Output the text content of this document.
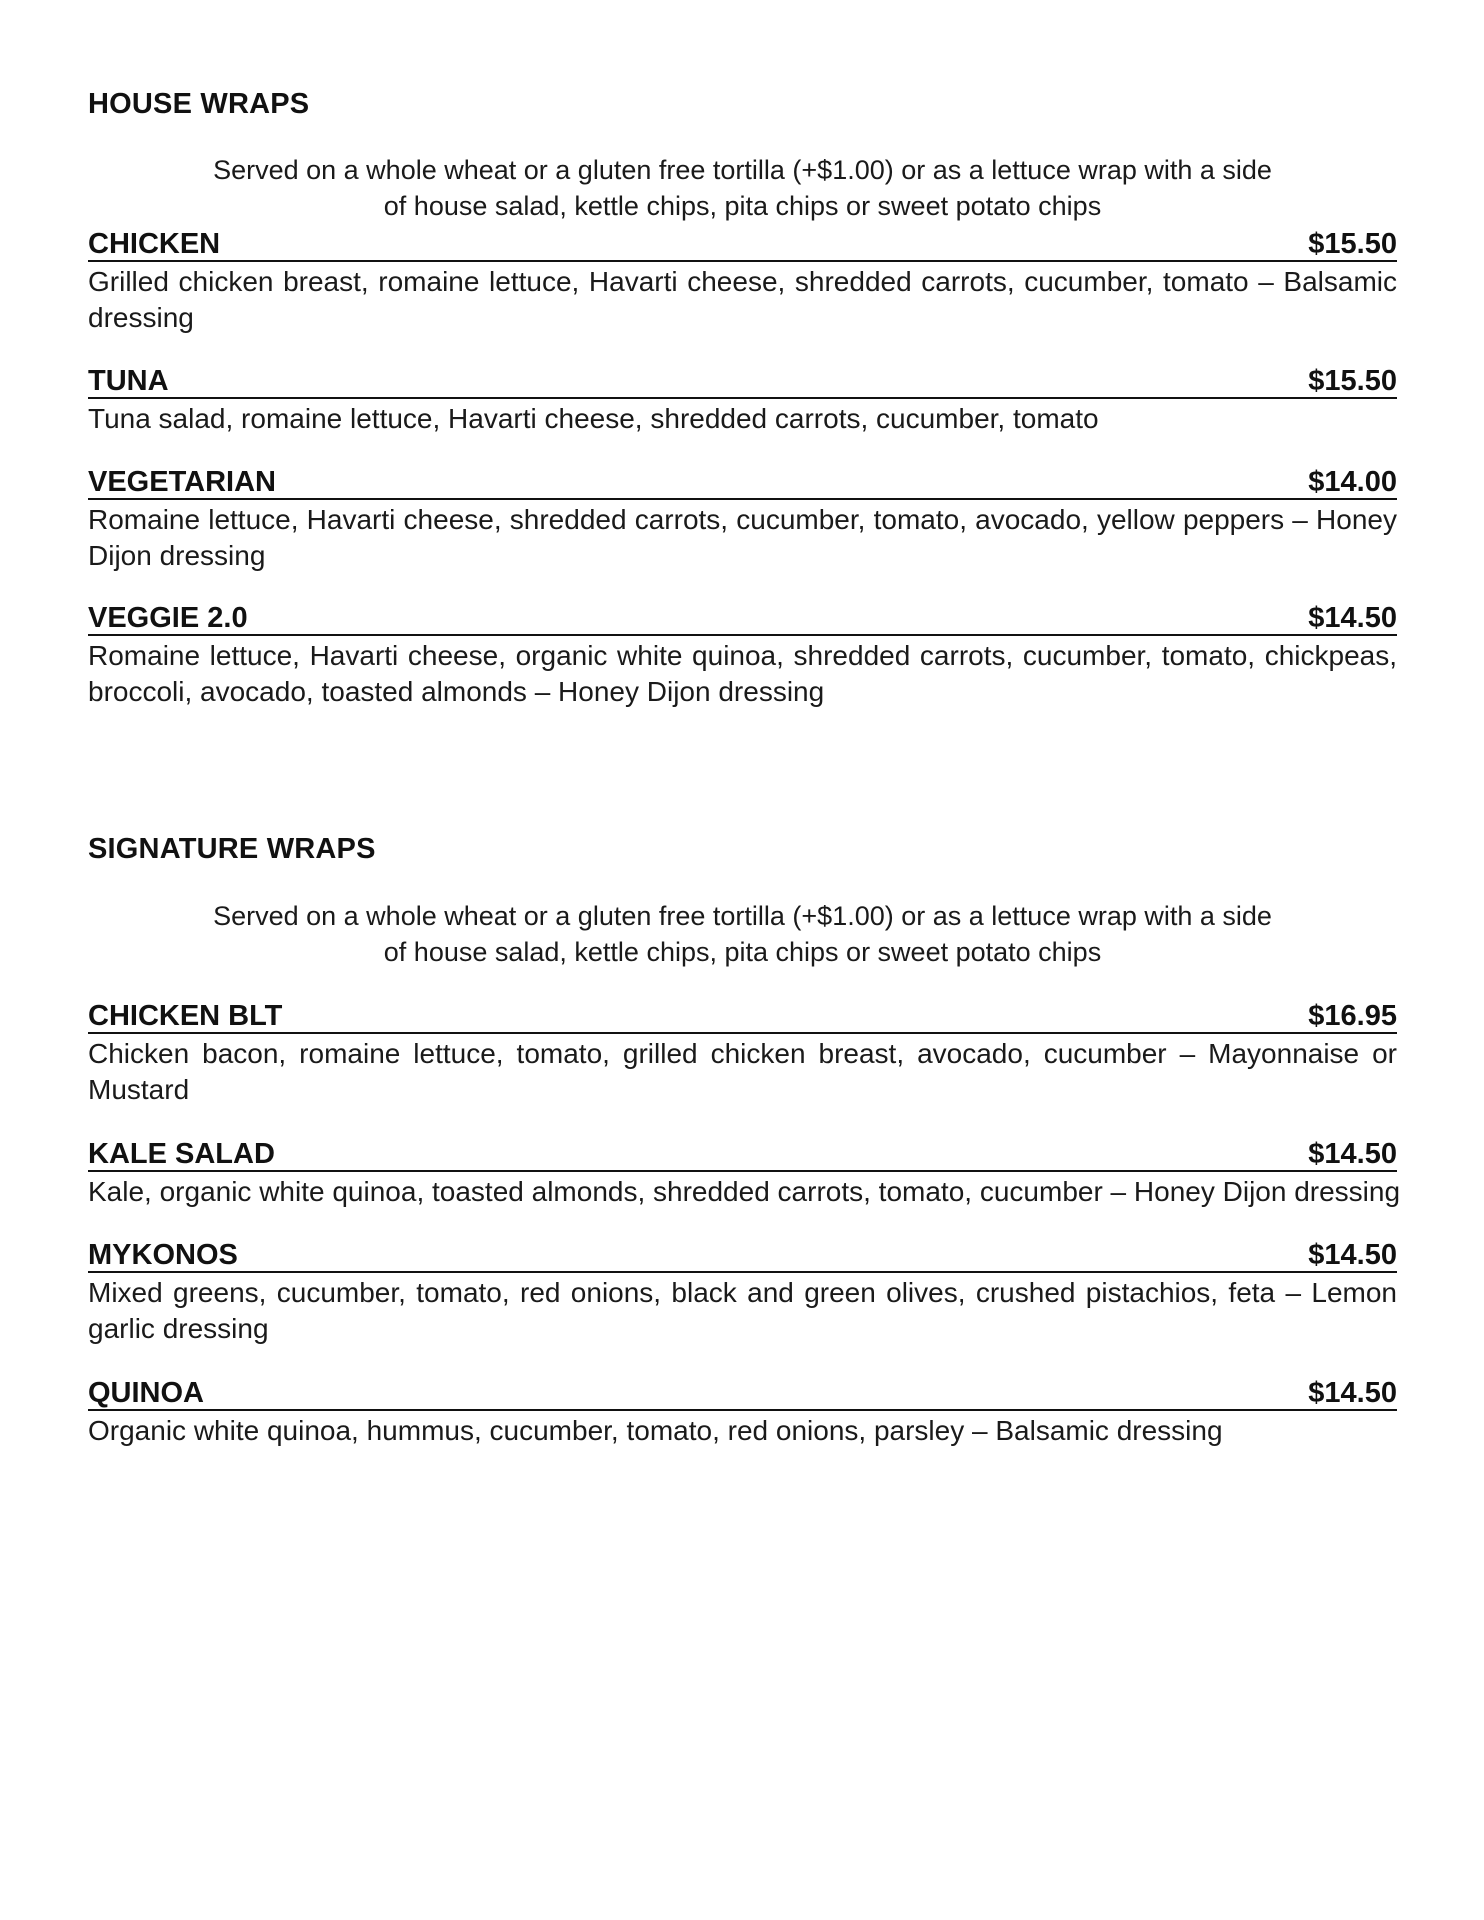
HOUSE WRAPS
Served on a whole wheat or a gluten free tortilla (+$1.00) or as a lettuce wrap with a side
of house salad, kettle chips, pita chips or sweet potato chips
CHICKEN	$15.50
Grilled chicken breast, romaine lettuce, Havarti cheese, shredded carrots, cucumber, tomato – Balsamic dressing
TUNA	$15.50
Tuna salad, romaine lettuce, Havarti cheese, shredded carrots, cucumber, tomato
VEGETARIAN	$14.00
Romaine lettuce, Havarti cheese, shredded carrots, cucumber, tomato, avocado, yellow peppers – Honey Dijon dressing
VEGGIE 2.0	$14.50
Romaine lettuce, Havarti cheese, organic white quinoa, shredded carrots, cucumber, tomato, chickpeas, broccoli, avocado, toasted almonds – Honey Dijon dressing
SIGNATURE WRAPS
Served on a whole wheat or a gluten free tortilla (+$1.00) or as a lettuce wrap with a side
of house salad, kettle chips, pita chips or sweet potato chips
CHICKEN BLT	$16.95
Chicken bacon, romaine lettuce, tomato, grilled chicken breast, avocado, cucumber – Mayonnaise or Mustard
KALE SALAD	$14.50
Kale, organic white quinoa, toasted almonds, shredded carrots, tomato, cucumber – Honey Dijon dressing
MYKONOS	$14.50
Mixed greens, cucumber, tomato, red onions, black and green olives, crushed pistachios, feta – Lemon garlic dressing
QUINOA	$14.50
Organic white quinoa, hummus, cucumber, tomato, red onions, parsley – Balsamic dressing
